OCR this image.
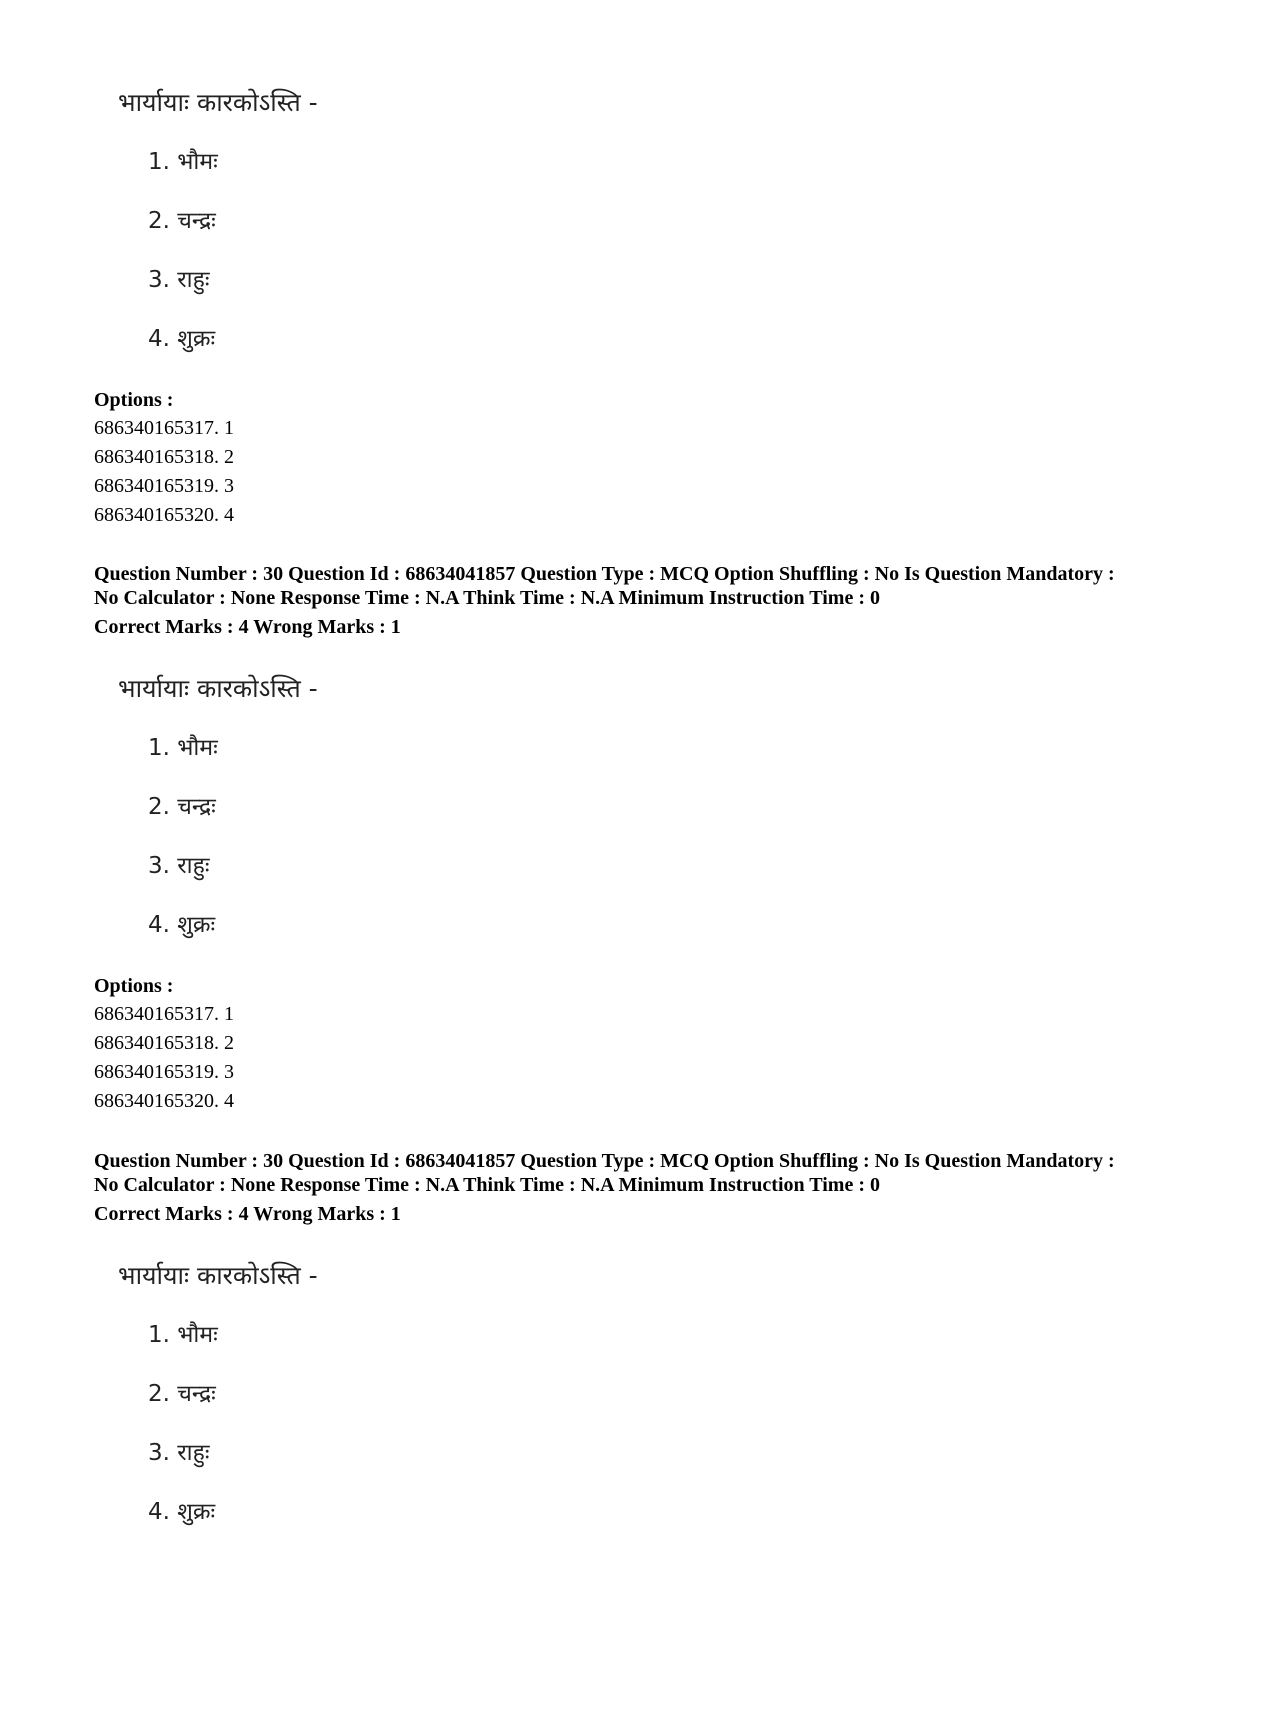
भार्यायाः कारकोऽस्ति -
1. भौमः
2. चन्द्रः
3. राहुः
4. शुक्रः
Options :
686340165317. 1
686340165318. 2
686340165319. 3
686340165320. 4
Question Number : 30 Question Id : 68634041857 Question Type : MCQ Option Shuffling : No Is Question Mandatory :
No Calculator : None Response Time : N.A Think Time : N.A Minimum Instruction Time : 0
Correct Marks : 4 Wrong Marks : 1
भार्यायाः कारकोऽस्ति -
1. भौमः
2. चन्द्रः
3. राहुः
4. शुक्रः
Options :
686340165317. 1
686340165318. 2
686340165319. 3
686340165320. 4
Question Number : 30 Question Id : 68634041857 Question Type : MCQ Option Shuffling : No Is Question Mandatory :
No Calculator : None Response Time : N.A Think Time : N.A Minimum Instruction Time : 0
Correct Marks : 4 Wrong Marks : 1
भार्यायाः कारकोऽस्ति -
1. भौमः
2. चन्द्रः
3. राहुः
4. शुक्रः
